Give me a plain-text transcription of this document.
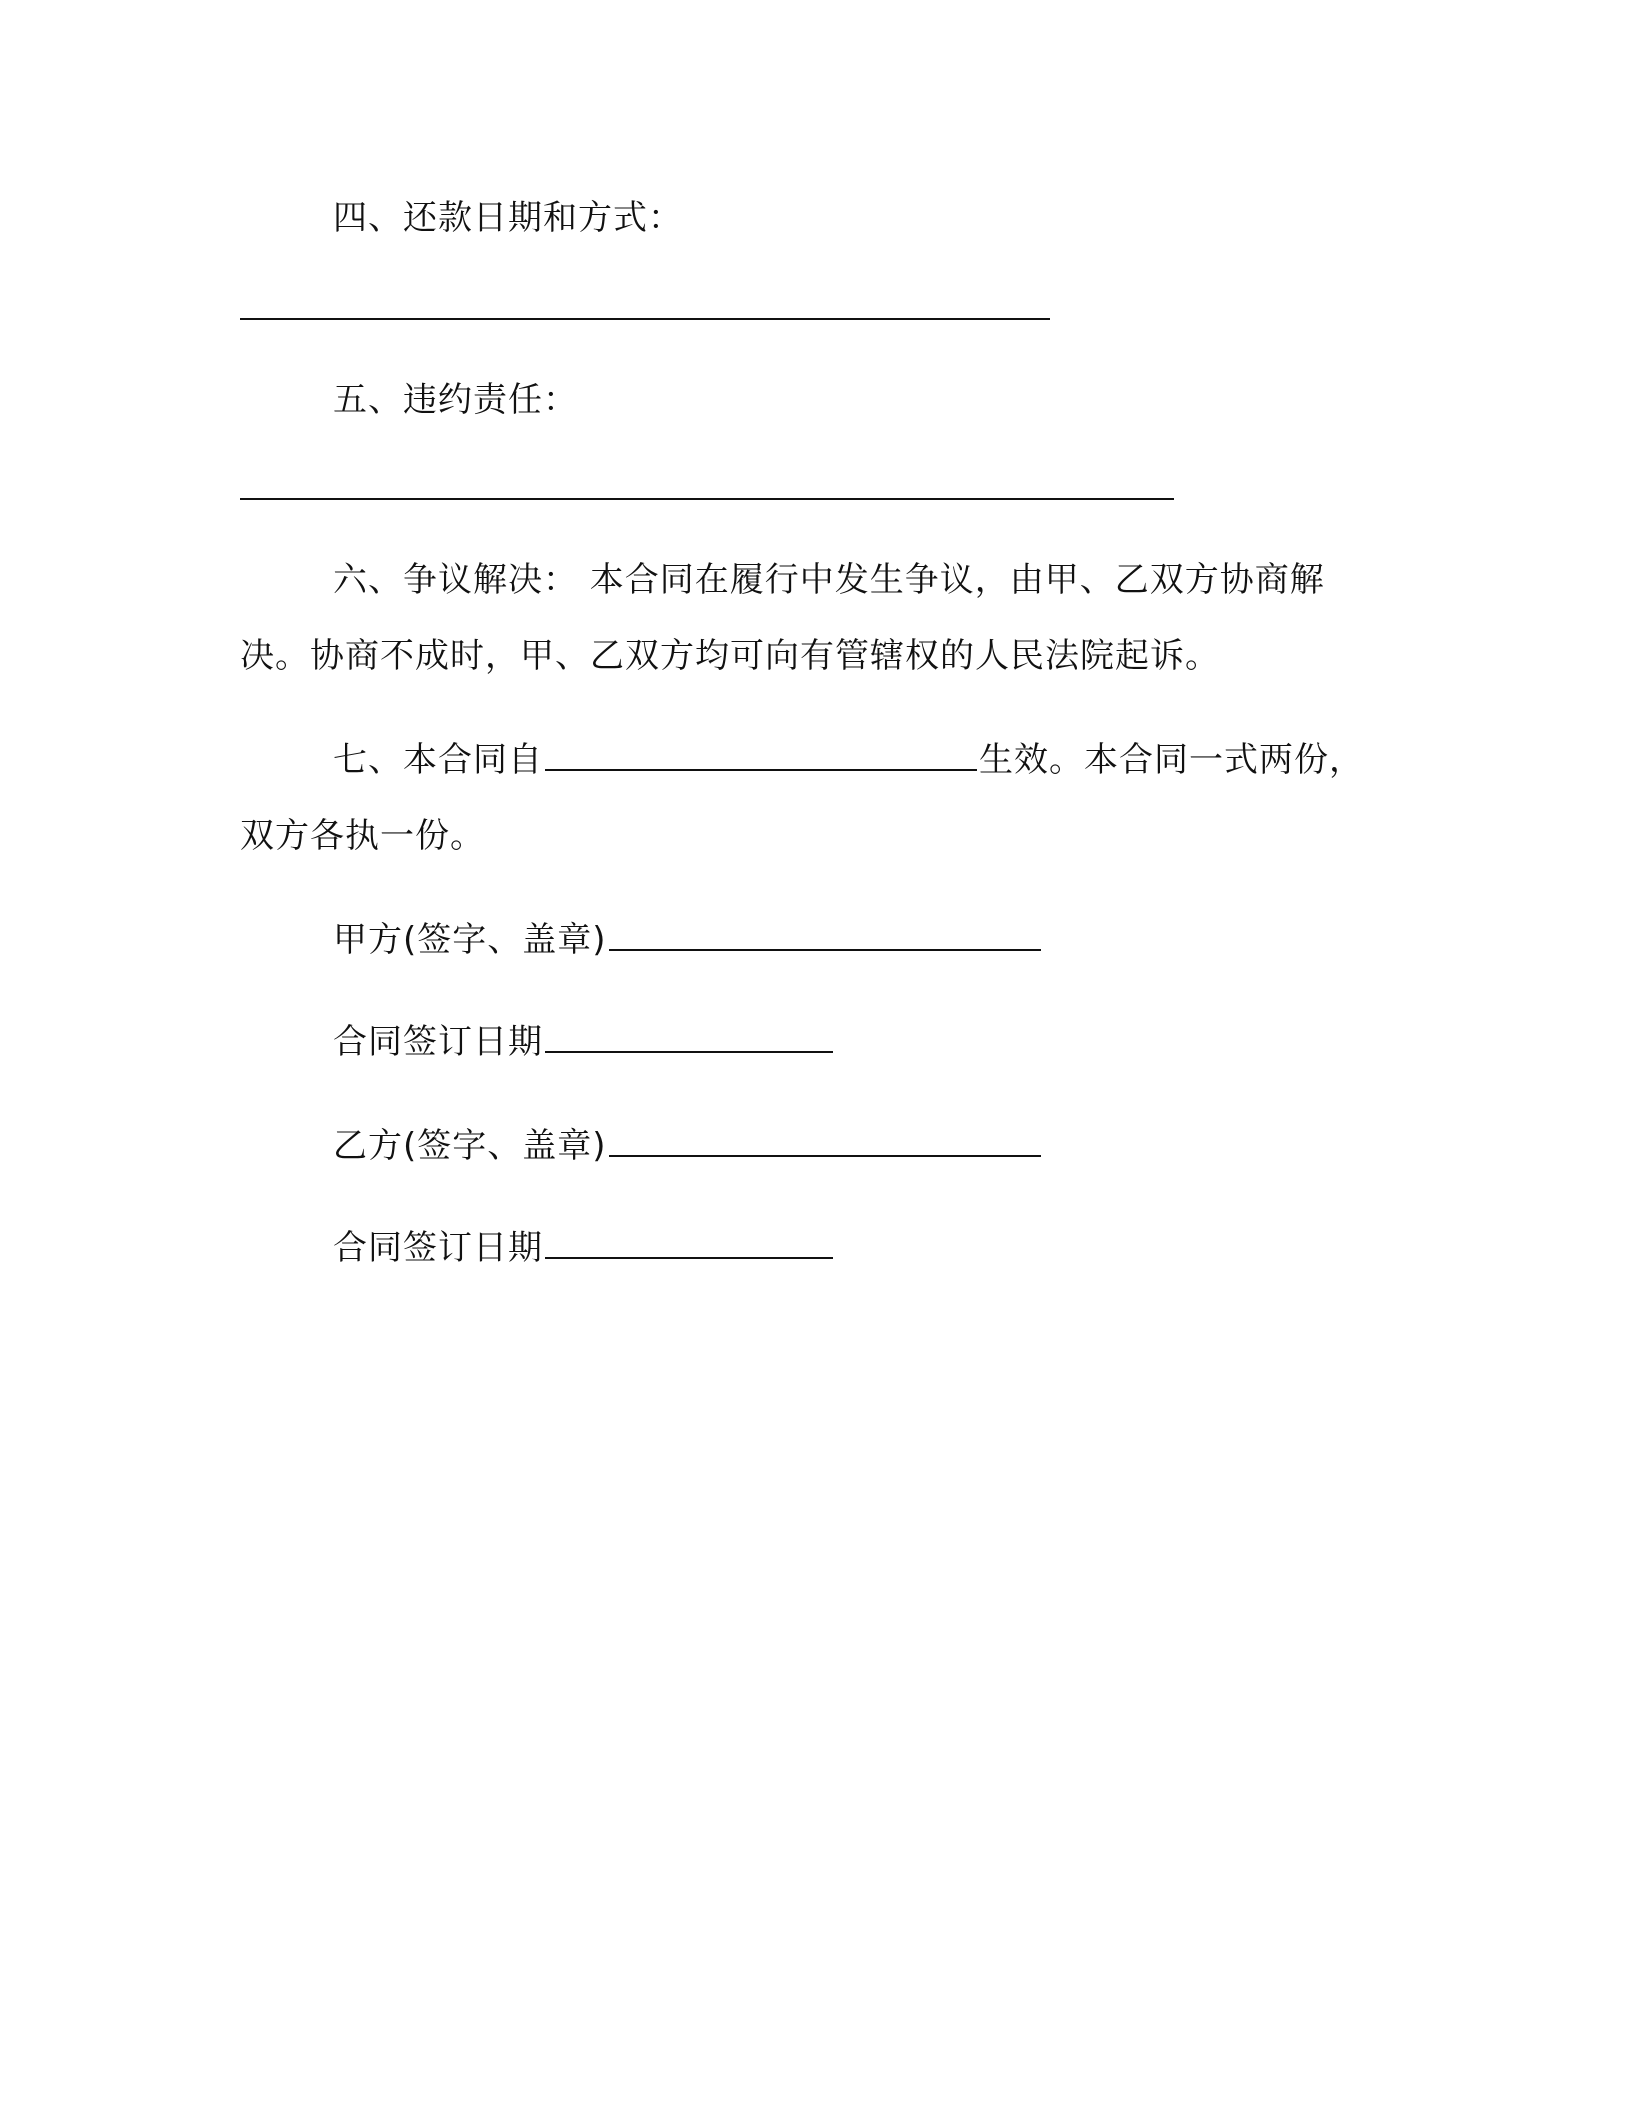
四、还款日期和方式：
五、违约责任：
六、争议解决： 本合同在履行中发生争议，由甲、乙双方协商解
决。协商不成时，甲、乙双方均可向有管辖权的人民法院起诉。
七、本合同自	生效。本合同一式两份，
双方各执一份。
甲方(签字、盖章)
合同签订日期
乙方(签字、盖章)
合同签订日期
